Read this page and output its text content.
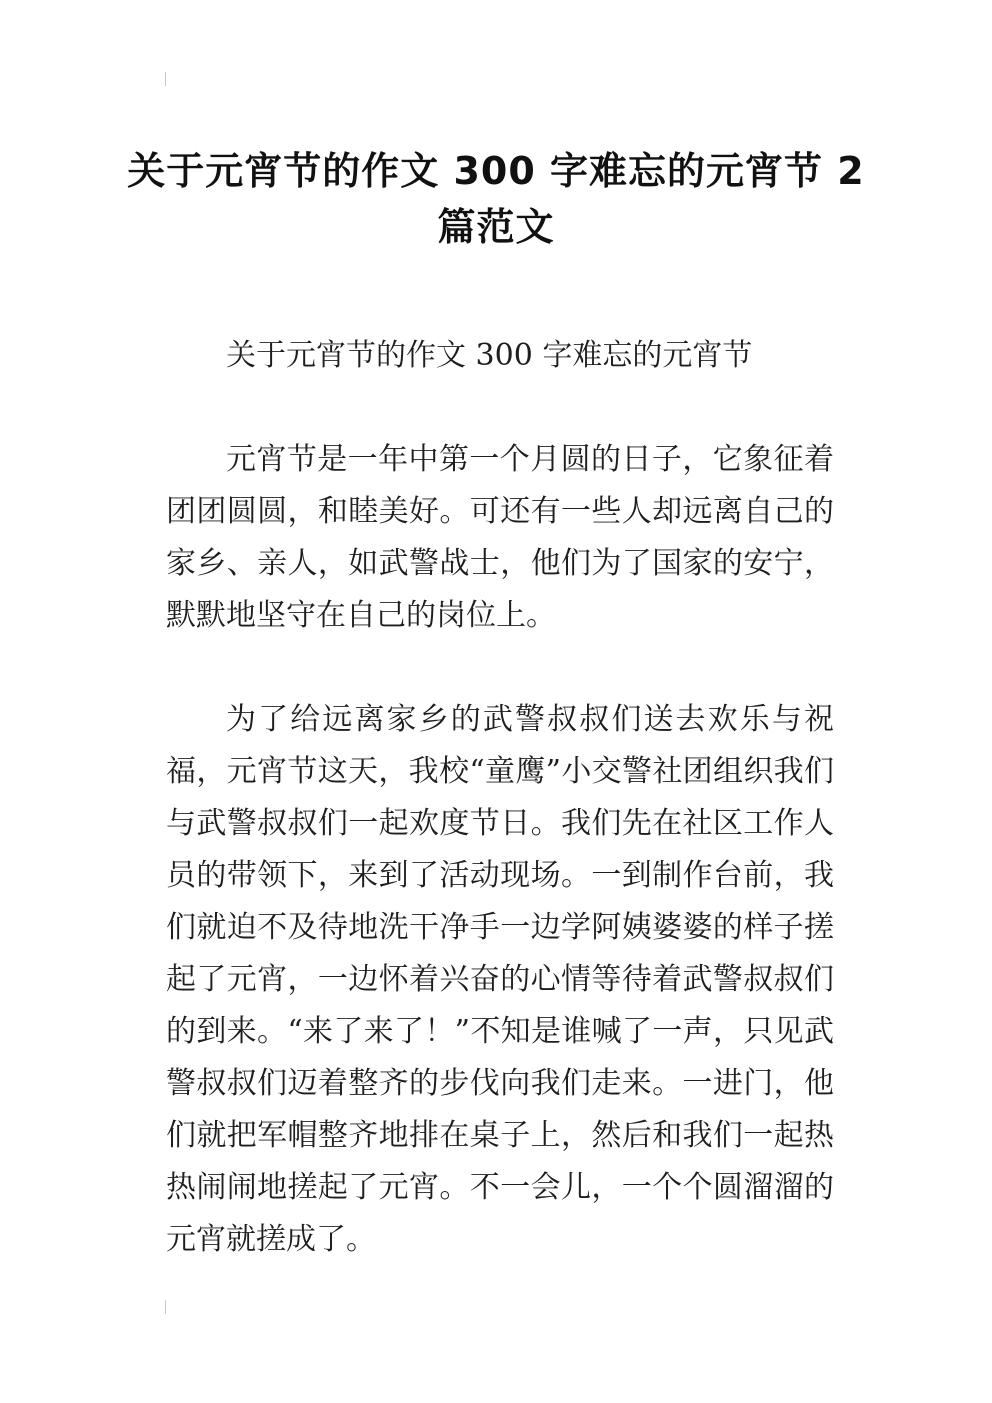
关于元宵节的作文 300 字难忘的元宵节 2 篇范文

关于元宵节的作文 300 字难忘的元宵节

元宵节是一年中第一个月圆的日子，它象征着团团圆圆，和睦美好。可还有一些人却远离自己的家乡、亲人，如武警战士，他们为了国家的安宁，默默地坚守在自己的岗位上。

为了给远离家乡的武警叔叔们送去欢乐与祝福，元宵节这天，我校“童鹰”小交警社团组织我们与武警叔叔们一起欢度节日。我们先在社区工作人员的带领下，来到了活动现场。一到制作台前，我们就迫不及待地洗干净手一边学阿姨婆婆的样子搓起了元宵，一边怀着兴奋的心情等待着武警叔叔们的到来。“来了来了！”不知是谁喊了一声，只见武警叔叔们迈着整齐的步伐向我们走来。一进门，他们就把军帽整齐地排在桌子上，然后和我们一起热热闹闹地搓起了元宵。不一会儿，一个个圆溜溜的元宵就搓成了。
